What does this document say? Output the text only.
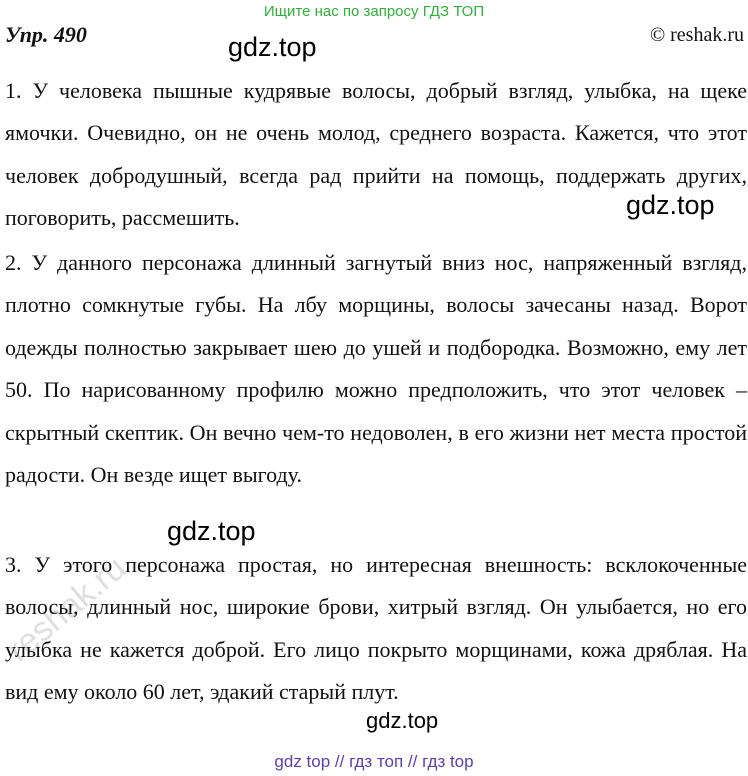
Ищите нас по запросу ГДЗ ТОП
Упр. 490	© reshak.ru

1. У человека пышные кудрявые волосы, добрый взгляд, улыбка, на щеке ямочки. Очевидно, он не очень молод, среднего возраста. Кажется, что этот человек добродушный, всегда рад прийти на помощь, поддержать других, поговорить, рассмешить.

2. У данного персонажа длинный загнутый вниз нос, напряженный взгляд, плотно сомкнутые губы. На лбу морщины, волосы зачесаны назад. Ворот одежды полностью закрывает шею до ушей и подбородка. Возможно, ему лет 50. По нарисованному профилю можно предположить, что этот человек – скрытный скептик. Он вечно чем-то недоволен, в его жизни нет места простой радости. Он везде ищет выгоду.

3. У этого персонажа простая, но интересная внешность: всклокоченные волосы, длинный нос, широкие брови, хитрый взгляд. Он улыбается, но его улыбка не кажется доброй. Его лицо покрыто морщинами, кожа дряблая. На вид ему около 60 лет, эдакий старый плут.

gdz.top
gdz.top
gdz.top
gdz.top
reshak.ru
gdz top // гдз топ // гдз top
